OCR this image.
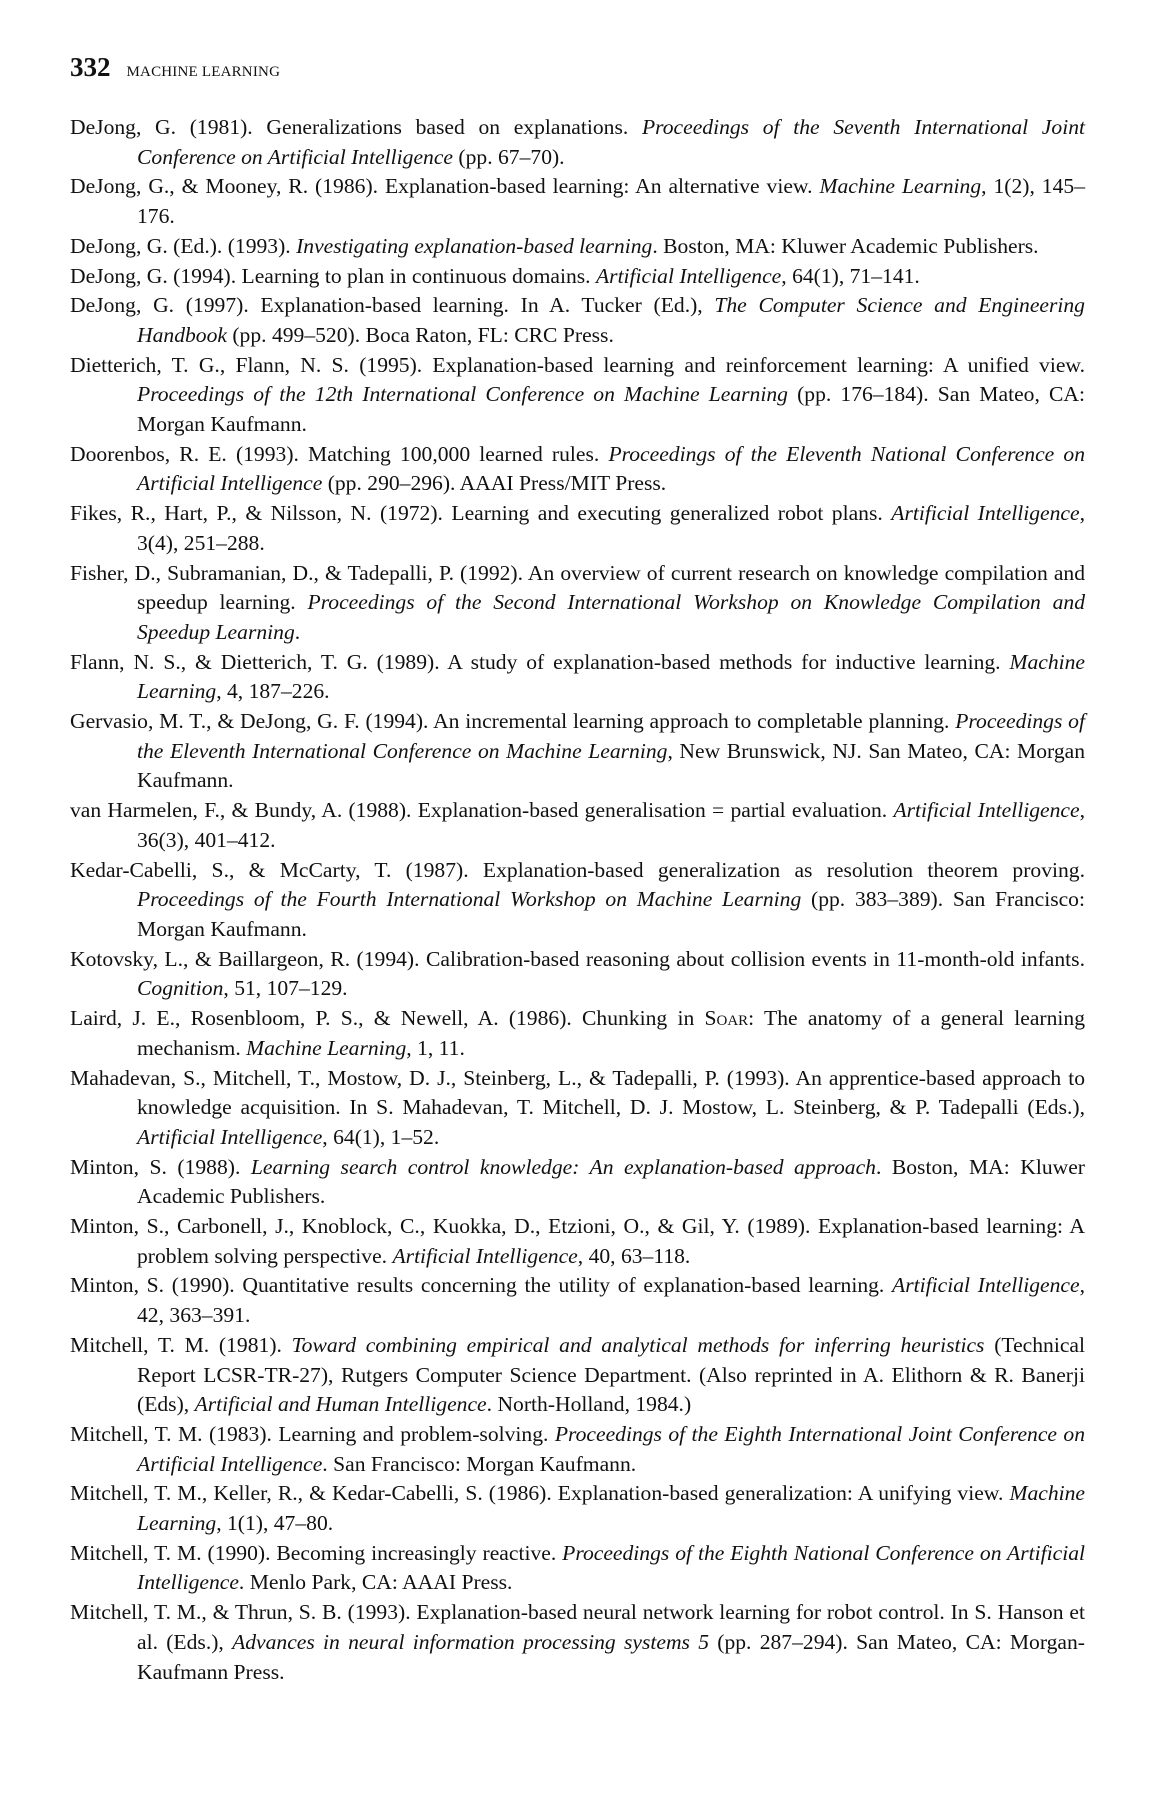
332 MACHINE LEARNING
DeJong, G. (1981). Generalizations based on explanations. Proceedings of the Seventh International Joint Conference on Artificial Intelligence (pp. 67–70).
DeJong, G., & Mooney, R. (1986). Explanation-based learning: An alternative view. Machine Learning, 1(2), 145–176.
DeJong, G. (Ed.). (1993). Investigating explanation-based learning. Boston, MA: Kluwer Academic Publishers.
DeJong, G. (1994). Learning to plan in continuous domains. Artificial Intelligence, 64(1), 71–141.
DeJong, G. (1997). Explanation-based learning. In A. Tucker (Ed.), The Computer Science and Engineering Handbook (pp. 499–520). Boca Raton, FL: CRC Press.
Dietterich, T. G., Flann, N. S. (1995). Explanation-based learning and reinforcement learning: A unified view. Proceedings of the 12th International Conference on Machine Learning (pp. 176–184). San Mateo, CA: Morgan Kaufmann.
Doorenbos, R. E. (1993). Matching 100,000 learned rules. Proceedings of the Eleventh National Conference on Artificial Intelligence (pp. 290–296). AAAI Press/MIT Press.
Fikes, R., Hart, P., & Nilsson, N. (1972). Learning and executing generalized robot plans. Artificial Intelligence, 3(4), 251–288.
Fisher, D., Subramanian, D., & Tadepalli, P. (1992). An overview of current research on knowledge compilation and speedup learning. Proceedings of the Second International Workshop on Knowledge Compilation and Speedup Learning.
Flann, N. S., & Dietterich, T. G. (1989). A study of explanation-based methods for inductive learning. Machine Learning, 4, 187–226.
Gervasio, M. T., & DeJong, G. F. (1994). An incremental learning approach to completable planning. Proceedings of the Eleventh International Conference on Machine Learning, New Brunswick, NJ. San Mateo, CA: Morgan Kaufmann.
van Harmelen, F., & Bundy, A. (1988). Explanation-based generalisation = partial evaluation. Artificial Intelligence, 36(3), 401–412.
Kedar-Cabelli, S., & McCarty, T. (1987). Explanation-based generalization as resolution theorem proving. Proceedings of the Fourth International Workshop on Machine Learning (pp. 383–389). San Francisco: Morgan Kaufmann.
Kotovsky, L., & Baillargeon, R. (1994). Calibration-based reasoning about collision events in 11-month-old infants. Cognition, 51, 107–129.
Laird, J. E., Rosenbloom, P. S., & Newell, A. (1986). Chunking in Soar: The anatomy of a general learning mechanism. Machine Learning, 1, 11.
Mahadevan, S., Mitchell, T., Mostow, D. J., Steinberg, L., & Tadepalli, P. (1993). An apprentice-based approach to knowledge acquisition. In S. Mahadevan, T. Mitchell, D. J. Mostow, L. Steinberg, & P. Tadepalli (Eds.), Artificial Intelligence, 64(1), 1–52.
Minton, S. (1988). Learning search control knowledge: An explanation-based approach. Boston, MA: Kluwer Academic Publishers.
Minton, S., Carbonell, J., Knoblock, C., Kuokka, D., Etzioni, O., & Gil, Y. (1989). Explanation-based learning: A problem solving perspective. Artificial Intelligence, 40, 63–118.
Minton, S. (1990). Quantitative results concerning the utility of explanation-based learning. Artificial Intelligence, 42, 363–391.
Mitchell, T. M. (1981). Toward combining empirical and analytical methods for inferring heuristics (Technical Report LCSR-TR-27), Rutgers Computer Science Department. (Also reprinted in A. Elithorn & R. Banerji (Eds), Artificial and Human Intelligence. North-Holland, 1984.)
Mitchell, T. M. (1983). Learning and problem-solving. Proceedings of the Eighth International Joint Conference on Artificial Intelligence. San Francisco: Morgan Kaufmann.
Mitchell, T. M., Keller, R., & Kedar-Cabelli, S. (1986). Explanation-based generalization: A unifying view. Machine Learning, 1(1), 47–80.
Mitchell, T. M. (1990). Becoming increasingly reactive. Proceedings of the Eighth National Conference on Artificial Intelligence. Menlo Park, CA: AAAI Press.
Mitchell, T. M., & Thrun, S. B. (1993). Explanation-based neural network learning for robot control. In S. Hanson et al. (Eds.), Advances in neural information processing systems 5 (pp. 287–294). San Mateo, CA: Morgan-Kaufmann Press.
